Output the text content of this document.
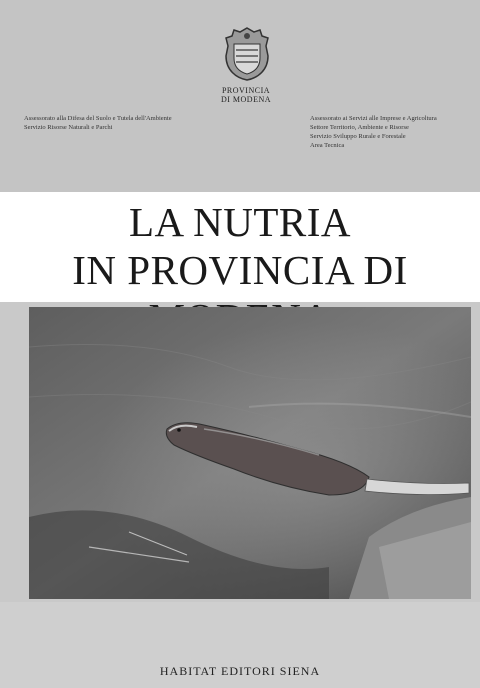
PROVINCIA
DI MODENA
Assessorato alla Difesa del Suolo e Tutela dell'Ambiente
Servizio Risorse Naturali e Parchi
Assessorato ai Servizi alle Imprese e Agricoltura
Settore Territorio, Ambiente e Risorse
Servizio Sviluppo Rurale e Forestale
Area Tecnica
LA NUTRIA
IN PROVINCIA DI
HABITAT EDITORI SIENA
